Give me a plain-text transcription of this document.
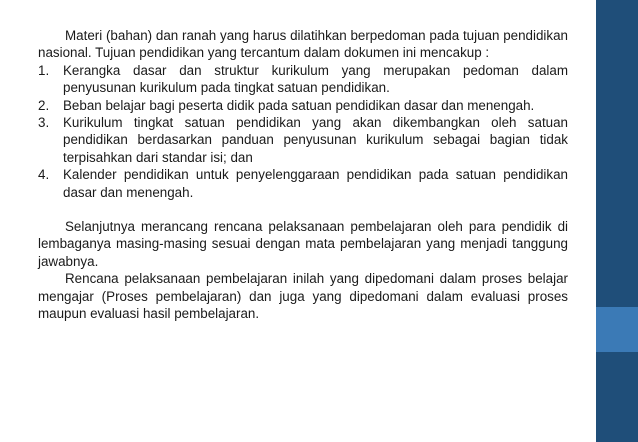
Materi (bahan) dan ranah yang harus dilatihkan berpedoman pada tujuan pendidikan nasional. Tujuan pendidikan yang tercantum dalam dokumen ini mencakup :

1. Kerangka dasar dan struktur kurikulum yang merupakan pedoman dalam penyusunan kurikulum pada tingkat satuan pendidikan.
2. Beban belajar bagi peserta didik pada satuan pendidikan dasar dan menengah.
3. Kurikulum tingkat satuan pendidikan yang akan dikembangkan oleh satuan pendidikan berdasarkan panduan penyusunan kurikulum sebagai bagian tidak terpisahkan dari standar isi; dan
4. Kalender pendidikan untuk penyelenggaraan pendidikan pada satuan pendidikan dasar dan menengah.

Selanjutnya merancang rencana pelaksanaan pembelajaran oleh para pendidik di lembaganya masing-masing sesuai dengan mata pembelajaran yang menjadi tanggung jawabnya.

Rencana pelaksanaan pembelajaran inilah yang dipedomani dalam proses belajar mengajar (Proses pembelajaran) dan juga yang dipedomani dalam evaluasi proses maupun evaluasi hasil pembelajaran.
